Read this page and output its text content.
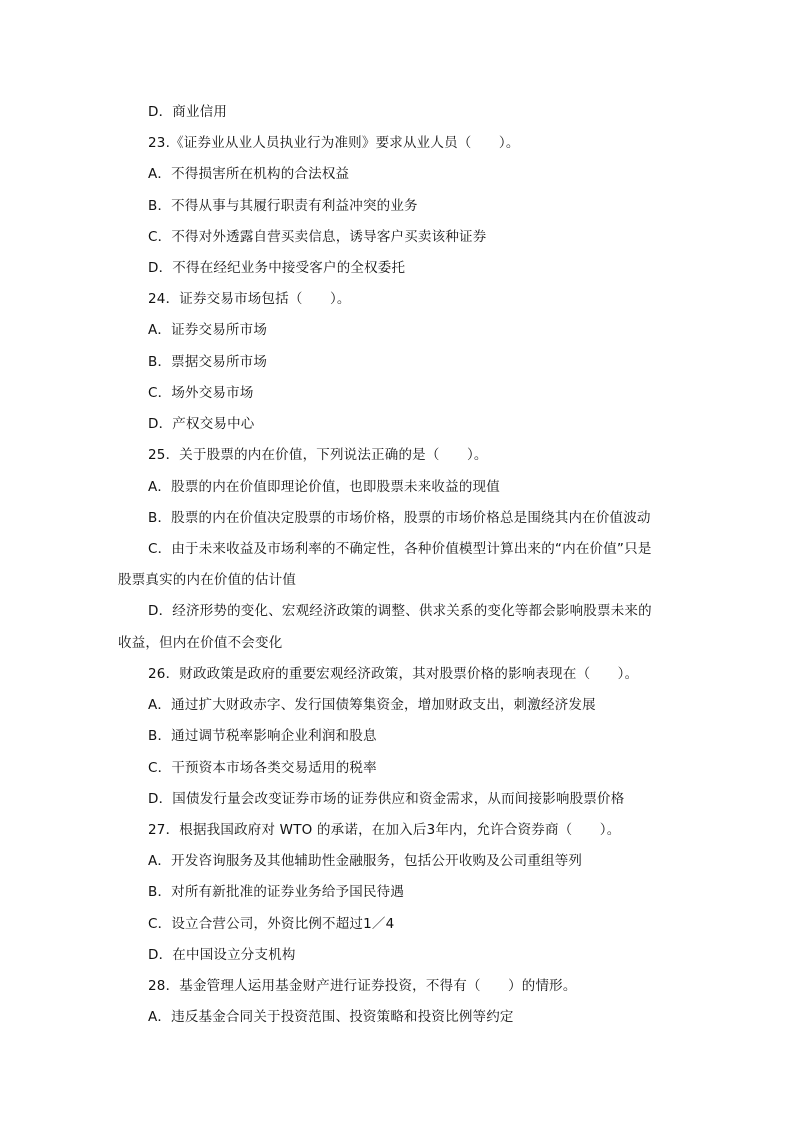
D．商业信用
23.《证券业从业人员执业行为准则》要求从业人员（　　）。
A．不得损害所在机构的合法权益
B．不得从事与其履行职责有利益冲突的业务
C．不得对外透露自营买卖信息，诱导客户买卖该种证券
D．不得在经纪业务中接受客户的全权委托
24．证券交易市场包括（　　）。
A．证券交易所市场
B．票据交易所市场
C．场外交易市场
D．产权交易中心
25．关于股票的内在价值，下列说法正确的是（　　）。
A．股票的内在价值即理论价值，也即股票未来收益的现值
B．股票的内在价值决定股票的市场价格，股票的市场价格总是围绕其内在价值波动
C．由于未来收益及市场利率的不确定性，各种价值模型计算出来的“内在价值”只是
股票真实的内在价值的估计值
D．经济形势的变化、宏观经济政策的调整、供求关系的变化等都会影响股票未来的
收益，但内在价值不会变化
26．财政政策是政府的重要宏观经济政策，其对股票价格的影响表现在（　　）。
A．通过扩大财政赤字、发行国债筹集资金，增加财政支出，刺激经济发展
B．通过调节税率影响企业利润和股息
C．干预资本市场各类交易适用的税率
D．国债发行量会改变证券市场的证券供应和资金需求，从而间接影响股票价格
27．根据我国政府对 WTO 的承诺，在加入后3年内，允许合资券商（　　）。
A．开发咨询服务及其他辅助性金融服务，包括公开收购及公司重组等列
B．对所有新批准的证券业务给予国民待遇
C．设立合营公司，外资比例不超过1／4
D．在中国设立分支机构
28．基金管理人运用基金财产进行证券投资，不得有（　　）的情形。
A．违反基金合同关于投资范围、投资策略和投资比例等约定
